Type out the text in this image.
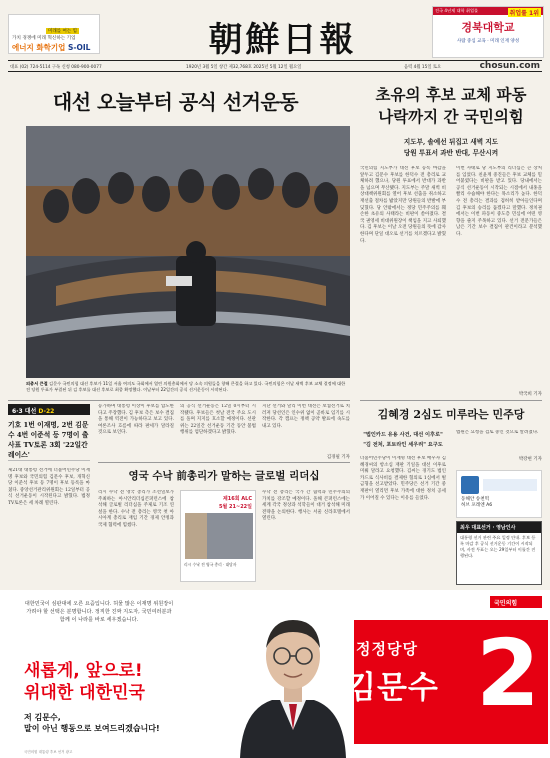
미래를 여는 힘
가치 경쟁에 미래 혁신하는 기업
에너지 화학기업 S-OIL	朝鮮日報
전국 4년제 대학 취업률	취업률 1위
경북대학교
사람 중심 교육 · 미래 인재 양성
대표 (02) 724-5114 구독 신청 080-900-0077	1920년 3월 5일 창간 제32,768호 2025년 5월 12일 월요일	음력 4월 15일 토요	chosun.com
대선 오늘부터 공식 선거운동
의총서 큰절 김문수 국민의힘 대선 후보가 11일 서울 여의도 국회에서 열린 의원총회에서 당 소속 의원들을 향해 큰절을 하고 있다. 국민의힘은 이날 새벽 후보 교체 결정에 대한 전 당원 투표가 부결된 뒤 김 후보를 대선 후보로 최종 확정했다. 이날부터 22일간의 공식 선거운동이 시작된다.
초유의 후보 교체 파동
나락까지 간 국민의힘
지도부, 솔예선 뒤집고 새벽 지도
당원 투표서 과반 반대, 무산시켜
국민의힘 지도부가 대선 후보 등록 마감을 앞두고 김문수 후보를 한덕수 전 총리로 교체하려 했으나, 당원 투표에서 반대가 과반을 넘으며 무산됐다. 지도부는 주말 새벽 비상대책위원회를 열어 후보 선출을 취소하고 재선출 절차를 밟았지만 당원들의 반발에 부딪혔다. 당 안팎에서는 정당 민주주의를 훼손한 초유의 사태라는 비판이 쏟아졌다. 결국 권영세 비대위원장이 책임을 지고 사퇴했다. 김 후보는 이날 오전 당원들의 뜻에 감사한다며 단일 대오로 선거를 치르겠다고 밝혔다.
이번 사태로 당 지도부의 리더십은 큰 상처를 입었다. 친윤계 중진들은 후보 교체를 밀어붙였다는 비판을 받고 있다. 당내에서는 공식 선거운동이 시작되는 시점에서 내홍을 빨리 수습해야 한다는 목소리가 높다. 한덕수 전 총리는 결과를 겸허히 받아들인다며 김 후보의 승리를 돕겠다고 말했다. 정치권에서는 이번 파동이 중도층 민심에 어떤 영향을 줄지 주목하고 있다. 선거 전문가들은 남은 기간 보수 결집이 관건이라고 분석했다.
박국희 기자
김혜경 2심도 미루라는 민주당
"법인카드 유용 사건, 대선 이후로"
"김 전처, 포토라인 세우려" 요구도
더불어민주당이 이재명 대선 후보 배우자 김혜경씨의 항소심 재판 기일을 대선 이후로 미뤄 달라고 요청했다. 김씨는 경기도 법인카드로 식사비를 결제한 혐의로 1심에서 벌금형을 선고받았다. 민주당은 선거 기간 중 재판이 열리면 후보 가족에 대한 정치 공세가 이어질 수 있다는 이유를 들었다.
법원은 요청을 검토 중인 것으로 알려졌다.
박강현 기자
동해안 송천떡
허브 포레엔 A6
최우 대표선거 · 영남인사
대통령 선거 관련 주요 일정 안내. 후보 등록 마감 후 공식 선거운동 기간이 시작되며, 사전 투표는 오는 29일부터 이틀간 진행된다.
6·3 대선 D-22
기호 1번 이재명, 2번 김문수 4번 이준석 등 7명이 출사표 TV토론 3회 '22일간 레이스'
제21대 대통령 선거에 더불어민주당 이재명 후보와 국민의힘 김문수 후보, 개혁신당 이준석 후보 등 7명이 후보 등록을 마쳤다. 중앙선거관리위원회는 12일부터 공식 선거운동이 시작된다고 밝혔다. 법정 TV토론은 세 차례 열린다.
능가하며 대통령 이상이 후보를 압도한다고 주장했다. 김 후보 측은 보수 결집을 통해 역전이 가능하다고 보고 있다. 여론조사 흐름에 따라 판세가 달라질 것으로 보인다.
의 공식 선거운동은 12일 0시부터 시작됐다. 후보들은 첫날 전국 주요 도시를 돌며 지지를 호소할 예정이다. 선관위는 22일간 선거운동 기간 동안 불법 행위를 엄단하겠다고 밝혔다.
지난 선거와 달리 이번 대선은 보궐선거로 치러져 당선인은 인수위 없이 곧바로 임기를 시작한다. 각 캠프는 정책 공약 발표에 속도를 내고 있다.
김경필 기자
영국 수낙 前총리가 말하는 글로벌 리더십
리시 수낙 전 영국 총리가 조선일보가 주최하는 아시안리더십콘퍼런스에 참석해 글로벌 리더십을 주제로 기조 연설을 한다. 수낙 전 총리는 영국 첫 아시아계 총리로 재임 기간 경제 안정과 국제 협력에 힘썼다.
제16회 ALC
5월 21~22일
리시 수낙 전 영국 총리 · 대담자
수낙 전 총리는 국가 간 협력과 민주주의의 가치를 강조할 예정이다. 올해 콘퍼런스에는 세계 각국 정상과 석학들이 대거 참석해 미래 전략을 논의한다. 행사는 서울 신라호텔에서 열린다.
대한민국이 심판대에 오른 요즘입니다. 허물 많은 이재명 위원장이 가려야 할 선택은 분명합니다. 정직한 진짜 지도자, 국민여러분과 함께 이 나라를 바로 세우겠습니다.
새롭게, 앞으로!
위대한 대한민국
저 김문수,
말이 아닌 행동으로 보여드리겠습니다!
국민의힘
정정당당
김문수 2
국민의힘 대통령 후보 선거 광고
